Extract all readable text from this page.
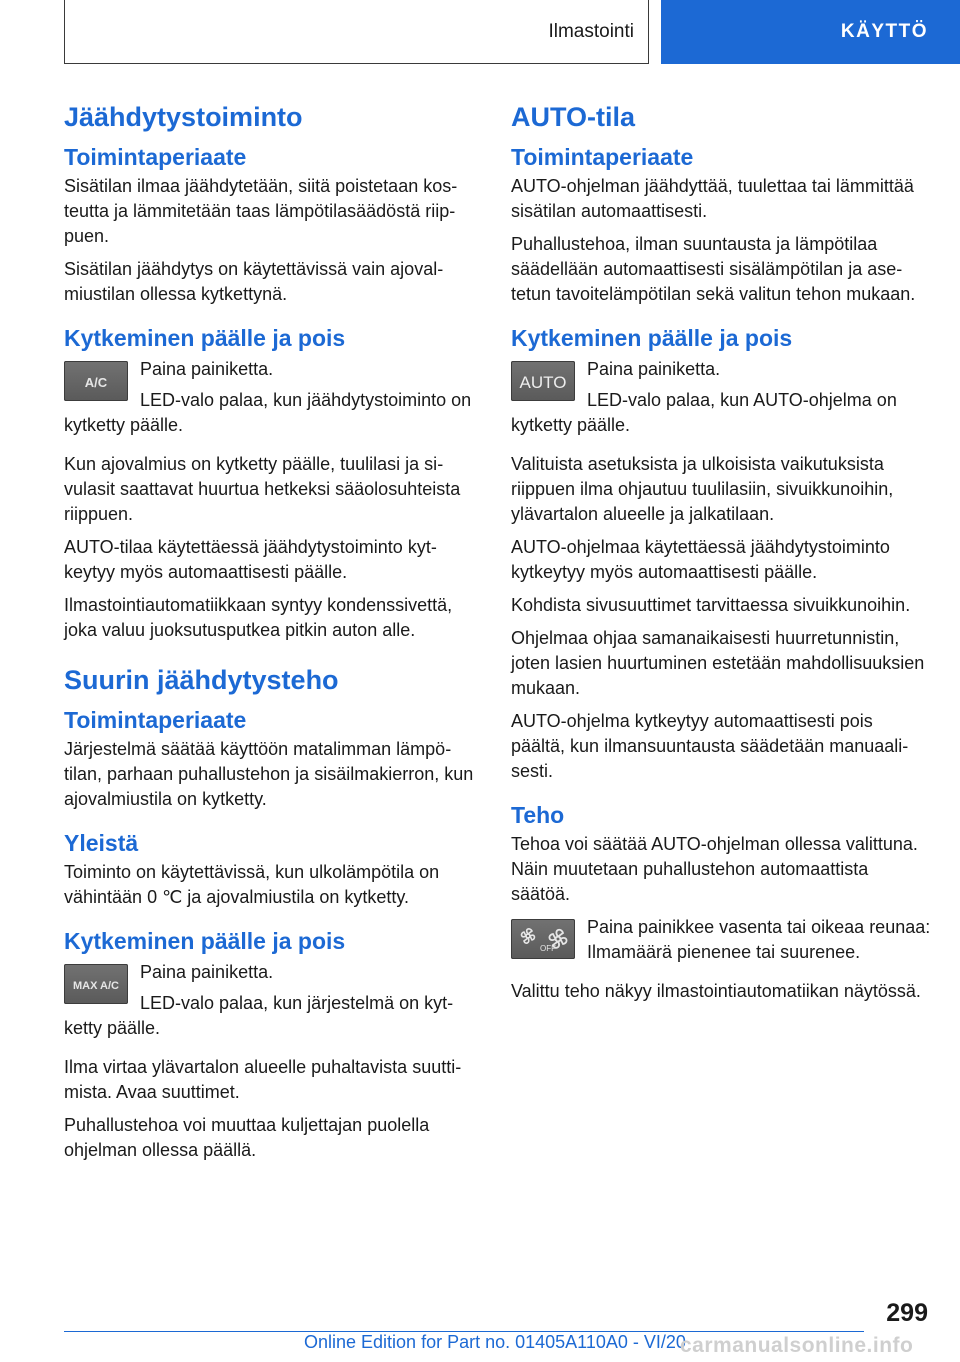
Ilmastointi	KÄYTTÖ
Jäähdytystoiminto
Toimintaperiaate

Sisätilan ilmaa jäähdytetään, siitä poistetaan kosteutta ja lämmitetään taas lämpötilasäädöstä riippuen.

Sisätilan jäähdytys on käytettävissä vain ajovalmiustilan ollessa kytkettynä.

Kytkeminen päälle ja pois
A/C

Paina painiketta.

LED-valo palaa, kun jäähdytystoiminto on kytketty päälle.

Kun ajovalmius on kytketty päälle, tuulilasi ja sivulasit saattavat huurtua hetkeksi sääolosuhteista riippuen.

AUTO-tilaa käytettäessä jäähdytystoiminto kytkeytyy myös automaattisesti päälle.

Ilmastointiautomatiikkaan syntyy kondenssivettä, joka valuu juoksutusputkea pitkin auton alle.

Suurin jäähdytysteho
Toimintaperiaate

Järjestelmä säätää käyttöön matalimman lämpötilan, parhaan puhallustehon ja sisäilmakierron, kun ajovalmiustila on kytketty.

Yleistä

Toiminto on käytettävissä, kun ulkolämpötila on vähintään 0 ℃ ja ajovalmiustila on kytketty.

Kytkeminen päälle ja pois
MAX A/C

Paina painiketta.

LED-valo palaa, kun järjestelmä on kytketty päälle.

Ilma virtaa ylävartalon alueelle puhaltavista suuttimista. Avaa suuttimet.

Puhallustehoa voi muuttaa kuljettajan puolella ohjelman ollessa päällä.

AUTO-tila
Toimintaperiaate

AUTO-ohjelman jäähdyttää, tuulettaa tai lämmittää sisätilan automaattisesti.

Puhallustehoa, ilman suuntausta ja lämpötilaa säädellään automaattisesti sisälämpötilan ja asetetun tavoitelämpötilan sekä valitun tehon mukaan.

Kytkeminen päälle ja pois
AUTO

Paina painiketta.

LED-valo palaa, kun AUTO-ohjelma on kytketty päälle.

Valituista asetuksista ja ulkoisista vaikutuksista riippuen ilma ohjautuu tuulilasiin, sivuikkunoihin, ylävartalon alueelle ja jalkatilaan.

AUTO-ohjelmaa käytettäessä jäähdytystoiminto kytkeytyy myös automaattisesti päälle.

Kohdista sivusuuttimet tarvittaessa sivuikkunoihin.

Ohjelmaa ohjaa samanaikaisesti huurretunnistin, joten lasien huurtuminen estetään mahdollisuuksien mukaan.

AUTO-ohjelma kytkeytyy automaattisesti pois päältä, kun ilmansuuntausta säädetään manuaalisesti.

Teho

Tehoa voi säätää AUTO-ohjelman ollessa valittuna. Näin muutetaan puhallustehon automaattista säätöä.

OFF

Paina painikkee vasenta tai oikeaa reunaa: Ilmamäärä pienenee tai suurenee.

Valittu teho näkyy ilmastointiautomatiikan näytössä.

299
Online Edition for Part no. 01405A110A0 - VI/20
carmanualsonline.info
